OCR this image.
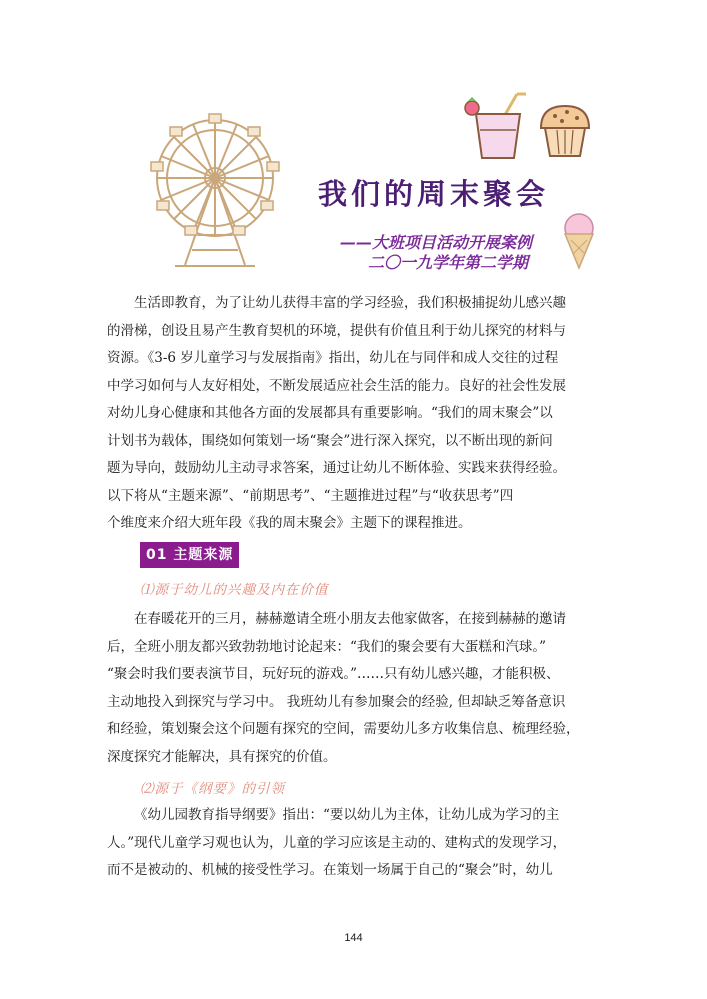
我们的周末聚会
——大班项目活动开展案例
二〇一九学年第二学期
生活即教育，为了让幼儿获得丰富的学习经验，我们积极捕捉幼儿感兴趣
的滑梯，创设且易产生教育契机的环境，提供有价值且利于幼儿探究的材料与
资源。《3-6 岁儿童学习与发展指南》指出，幼儿在与同伴和成人交往的过程
中学习如何与人友好相处，不断发展适应社会生活的能力。良好的社会性发展
对幼儿身心健康和其他各方面的发展都具有重要影响。“我们的周末聚会”以
计划书为载体，围绕如何策划一场“聚会”进行深入探究，以不断出现的新问
题为导向，鼓励幼儿主动寻求答案，通过让幼儿不断体验、实践来获得经验。
以下将从“主题来源”、“前期思考”、“主题推进过程”与“收获思考”四
个维度来介绍大班年段《我的周末聚会》主题下的课程推进。
01 主题来源
⑴源于幼儿的兴趣及内在价值
在春暖花开的三月，赫赫邀请全班小朋友去他家做客，在接到赫赫的邀请
后，全班小朋友都兴致勃勃地讨论起来：“我们的聚会要有大蛋糕和汽球。”
“聚会时我们要表演节目，玩好玩的游戏。”……只有幼儿感兴趣，才能积极、
主动地投入到探究与学习中。 我班幼儿有参加聚会的经验, 但却缺乏筹备意识
和经验，策划聚会这个问题有探究的空间，需要幼儿多方收集信息、梳理经验，
深度探究才能解决，具有探究的价值。
⑵源于《纲要》的引领
《幼儿园教育指导纲要》指出：“要以幼儿为主体，让幼儿成为学习的主
人。”现代儿童学习观也认为，儿童的学习应该是主动的、建构式的发现学习，
而不是被动的、机械的接受性学习。在策划一场属于自己的“聚会”时，幼儿
144
